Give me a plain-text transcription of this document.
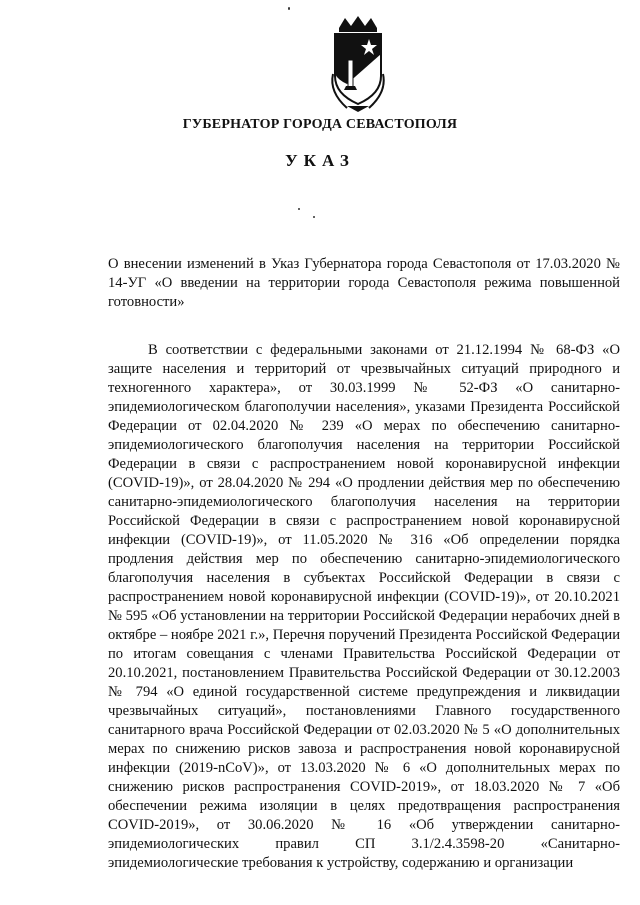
ГУБЕРНАТОР ГОРОДА СЕВАСТОПОЛЯ
УКАЗ

О внесении изменений в Указ Губернатора города Севастополя от 17.03.2020 № 14-УГ «О введении на территории города Севастополя режима повышенной готовности»

В соответствии с федеральными законами от 21.12.1994 № 68-ФЗ «О защите населения и территорий от чрезвычайных ситуаций природного и техногенного характера», от 30.03.1999 № 52-ФЗ «О санитарно-эпидемиологическом благополучии населения», указами Президента Российской Федерации от 02.04.2020 № 239 «О мерах по обеспечению санитарно-эпидемиологического благополучия населения на территории Российской Федерации в связи с распространением новой коронавирусной инфекции (COVID-19)», от 28.04.2020 № 294 «О продлении действия мер по обеспечению санитарно-эпидемиологического благополучия населения на территории Российской Федерации в связи с распространением новой коронавирусной инфекции (COVID-19)», от 11.05.2020 № 316 «Об определении порядка продления действия мер по обеспечению санитарно-эпидемиологического благополучия населения в субъектах Российской Федерации в связи с распространением новой коронавирусной инфекции (COVID-19)», от 20.10.2021 № 595 «Об установлении на территории Российской Федерации нерабочих дней в октябре – ноябре 2021 г.», Перечня поручений Президента Российской Федерации по итогам совещания с членами Правительства Российской Федерации от 20.10.2021, постановлением Правительства Российской Федерации от 30.12.2003 № 794 «О единой государственной системе предупреждения и ликвидации чрезвычайных ситуаций», постановлениями Главного государственного санитарного врача Российской Федерации от 02.03.2020 № 5 «О дополнительных мерах по снижению рисков завоза и распространения новой коронавирусной инфекции (2019-nCoV)», от 13.03.2020 № 6 «О дополнительных мерах по снижению рисков распространения COVID-2019», от 18.03.2020 № 7 «Об обеспечении режима изоляции в целях предотвращения распространения COVID-2019», от 30.06.2020 № 16 «Об утверждении санитарно-эпидемиологических правил СП 3.1/2.4.3598-20 «Санитарно-эпидемиологические требования к устройству, содержанию и организации
